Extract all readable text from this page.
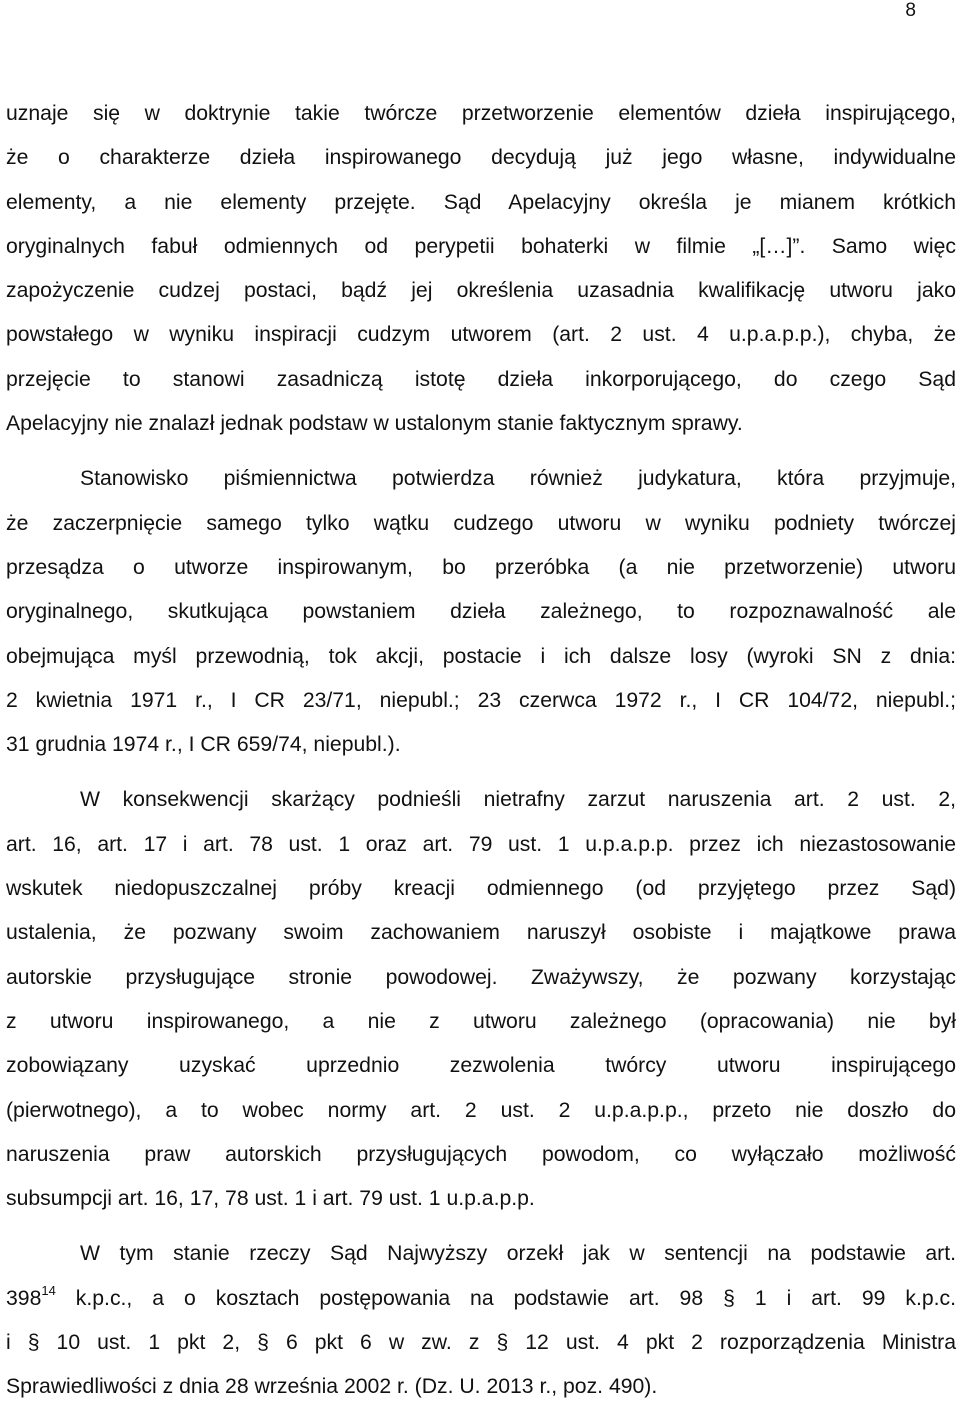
8

uznaje się w doktrynie takie twórcze przetworzenie elementów dzieła inspirującego,
że o charakterze dzieła inspirowanego decydują już jego własne, indywidualne
elementy, a nie elementy przejęte. Sąd Apelacyjny określa je mianem krótkich
oryginalnych fabuł odmiennych od perypetii bohaterki w filmie „[…]”. Samo więc
zapożyczenie cudzej postaci, bądź jej określenia uzasadnia kwalifikację utworu jako
powstałego w wyniku inspiracji cudzym utworem (art. 2 ust. 4 u.p.a.p.p.), chyba, że
przejęcie to stanowi zasadniczą istotę dzieła inkorporującego, do czego Sąd
Apelacyjny nie znalazł jednak podstaw w ustalonym stanie faktycznym sprawy.

Stanowisko piśmiennictwa potwierdza również judykatura, która przyjmuje,
że zaczerpnięcie samego tylko wątku cudzego utworu w wyniku podniety twórczej
przesądza o utworze inspirowanym, bo przeróbka (a nie przetworzenie) utworu
oryginalnego, skutkująca powstaniem dzieła zależnego, to rozpoznawalność ale
obejmująca myśl przewodnią, tok akcji, postacie i ich dalsze losy (wyroki SN z dnia:
2 kwietnia 1971 r., I CR 23/71, niepubl.; 23 czerwca 1972 r., I CR 104/72, niepubl.;
31 grudnia 1974 r., I CR 659/74, niepubl.).

W konsekwencji skarżący podnieśli nietrafny zarzut naruszenia art. 2 ust. 2,
art. 16, art. 17 i art. 78 ust. 1 oraz art. 79 ust. 1 u.p.a.p.p. przez ich niezastosowanie
wskutek niedopuszczalnej próby kreacji odmiennego (od przyjętego przez Sąd)
ustalenia, że pozwany swoim zachowaniem naruszył osobiste i majątkowe prawa
autorskie przysługujące stronie powodowej. Zważywszy, że pozwany korzystając
z utworu inspirowanego, a nie z utworu zależnego (opracowania) nie był
zobowiązany uzyskać uprzednio zezwolenia twórcy utworu inspirującego
(pierwotnego), a to wobec normy art. 2 ust. 2 u.p.a.p.p., przeto nie doszło do
naruszenia praw autorskich przysługujących powodom, co wyłączało możliwość
subsumpcji art. 16, 17, 78 ust. 1 i art. 79 ust. 1 u.p.a.p.p.

W tym stanie rzeczy Sąd Najwyższy orzekł jak w sentencji na podstawie art.
$398^{14}$ k.p.c., a o kosztach postępowania na podstawie art. 98 § 1 i art. 99 k.p.c.
i § 10 ust. 1 pkt 2, § 6 pkt 6 w zw. z § 12 ust. 4 pkt 2 rozporządzenia Ministra
Sprawiedliwości z dnia 28 września 2002 r. (Dz. U. 2013 r., poz. 490).
